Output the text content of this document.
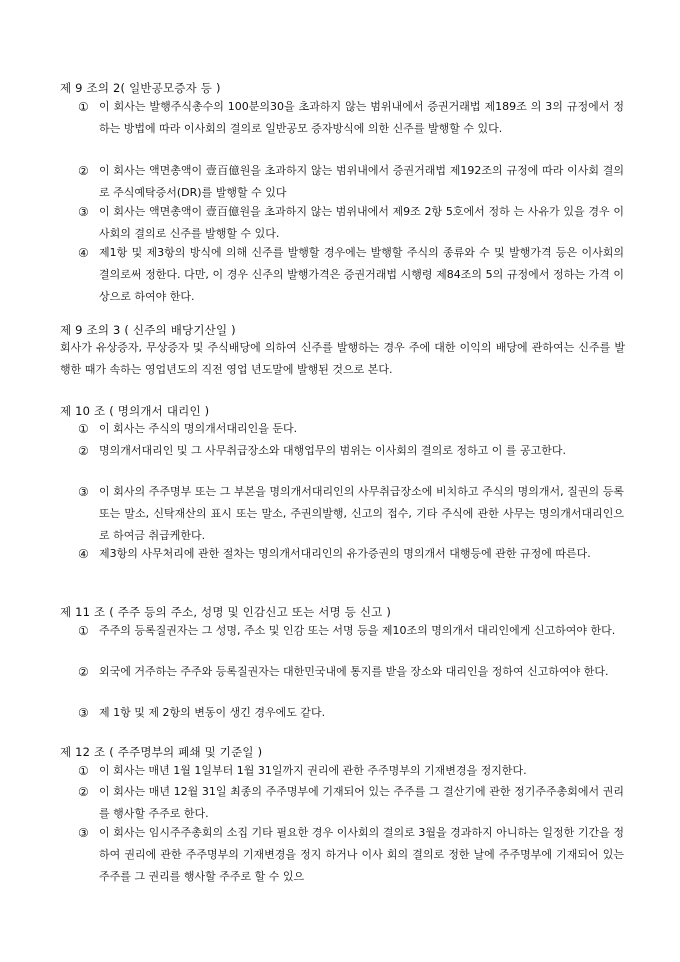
제 9 조의 2( 일반공모증자 등 )
① 이 회사는 발행주식총수의 100분의30을 초과하지 않는 범위내에서 증권거래법 제189조 의 3의 규정에서 정하는 방법에 따라 이사회의 결의로 일반공모 증자방식에 의한 신주를 발행할 수 있다.
② 이 회사는 액면총액이 壹百億원을 초과하지 않는 범위내에서 증권거래법 제192조의 규정에 따라 이사회 결의로 주식예탁증서(DR)를 발행할 수 있다
③ 이 회사는 액면총액이 壹百億원을 초과하지 않는 범위내에서 제9조 2항 5호에서 정하 는 사유가 있을 경우 이사회의 결의로 신주를 발행할 수 있다.
④ 제1항 및 제3항의 방식에 의해 신주를 발행할 경우에는 발행할 주식의 종류와 수 및 발행가격 등은 이사회의 결의로써 정한다. 다만, 이 경우 신주의 발행가격은 증권거래법 시행령 제84조의 5의 규정에서 정하는 가격 이상으로 하여야 한다.
제 9 조의 3 ( 신주의 배당기산일 )
회사가 유상증자, 무상증자 및 주식배당에 의하여 신주를 발행하는 경우 주에 대한 이익의 배당에 관하여는 신주를 발행한 때가 속하는 영업년도의 직전 영업 년도말에 발행된 것으로 본다.
제 10 조 ( 명의개서 대리인 )
① 이 회사는 주식의 명의개서대리인을 둔다.
② 명의개서대리인 및 그 사무취급장소와 대행업무의 범위는 이사회의 결의로 정하고 이 를 공고한다.
③ 이 회사의 주주명부 또는 그 부본을 명의개서대리인의 사무취급장소에 비치하고 주식의 명의개서, 질권의 등록 또는 말소, 신탁재산의 표시 또는 말소, 주권의발행, 신고의 접수, 기타 주식에 관한 사무는 명의개서대리인으로 하여금 취급케한다.
④ 제3항의 사무처리에 관한 절차는 명의개서대리인의 유가증권의 명의개서 대행등에 관한 규정에 따른다.
제 11 조 ( 주주 등의 주소, 성명 및 인감신고 또는 서명 등 신고 )
① 주주의 등록질권자는 그 성명, 주소 및 인감 또는 서명 등을 제10조의 명의개서 대리인에게 신고하여야 한다.
② 외국에 거주하는 주주와 등록질권자는 대한민국내에 통지를 받을 장소와 대리인을 정하여 신고하여야 한다.
③ 제 1항 및 제 2항의 변동이 생긴 경우에도 같다.
제 12 조 ( 주주명부의 폐쇄 및 기준일 )
① 이 회사는 매년 1월 1일부터 1월 31일까지 권리에 관한 주주명부의 기재변경을 정지한다.
② 이 회사는 매년 12월 31일 최종의 주주명부에 기재되어 있는 주주를 그 결산기에 관한 정기주주총회에서 권리를 행사할 주주로 한다.
③ 이 회사는 임시주주총회의 소집 기타 필요한 경우 이사회의 결의로 3월을 경과하지 아니하는 일정한 기간을 정하여 권리에 관한 주주명부의 기재변경을 정지 하거나 이사 회의 결의로 정한 날에 주주명부에 기재되어 있는 주주를 그 권리를 행사할 주주로 할 수 있으
